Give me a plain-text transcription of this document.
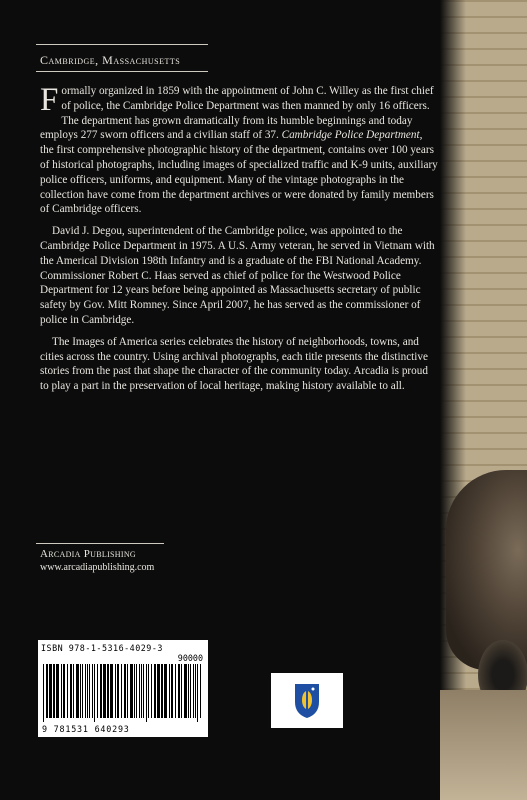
Cambridge, Massachusetts

Formally organized in 1859 with the appointment of John C. Willey as the first chief of police, the Cambridge Police Department was then manned by only 16 officers. The department has grown dramatically from its humble beginnings and today employs 277 sworn officers and a civilian staff of 37. Cambridge Police Department, the first comprehensive photographic history of the department, contains over 100 years of historical photographs, including images of specialized traffic and K-9 units, auxiliary police officers, uniforms, and equipment. Many of the vintage photographs in the collection have come from the department archives or were donated by family members of Cambridge officers.

David J. Degou, superintendent of the Cambridge police, was appointed to the Cambridge Police Department in 1975. A U.S. Army veteran, he served in Vietnam with the Americal Division 198th Infantry and is a graduate of the FBI National Academy. Commissioner Robert C. Haas served as chief of police for the Westwood Police Department for 12 years before being appointed as Massachusetts secretary of public safety by Gov. Mitt Romney. Since April 2007, he has served as the commissioner of police in Cambridge.

The Images of America series celebrates the history of neighborhoods, towns, and cities across the country. Using archival photographs, each title presents the distinctive stories from the past that shape the character of the community today. Arcadia is proud to play a part in the preservation of local heritage, making history available to all.

Arcadia Publishing
www.arcadiapublishing.com
ISBN 978-1-5316-4029-3
90000
9 781531 640293
